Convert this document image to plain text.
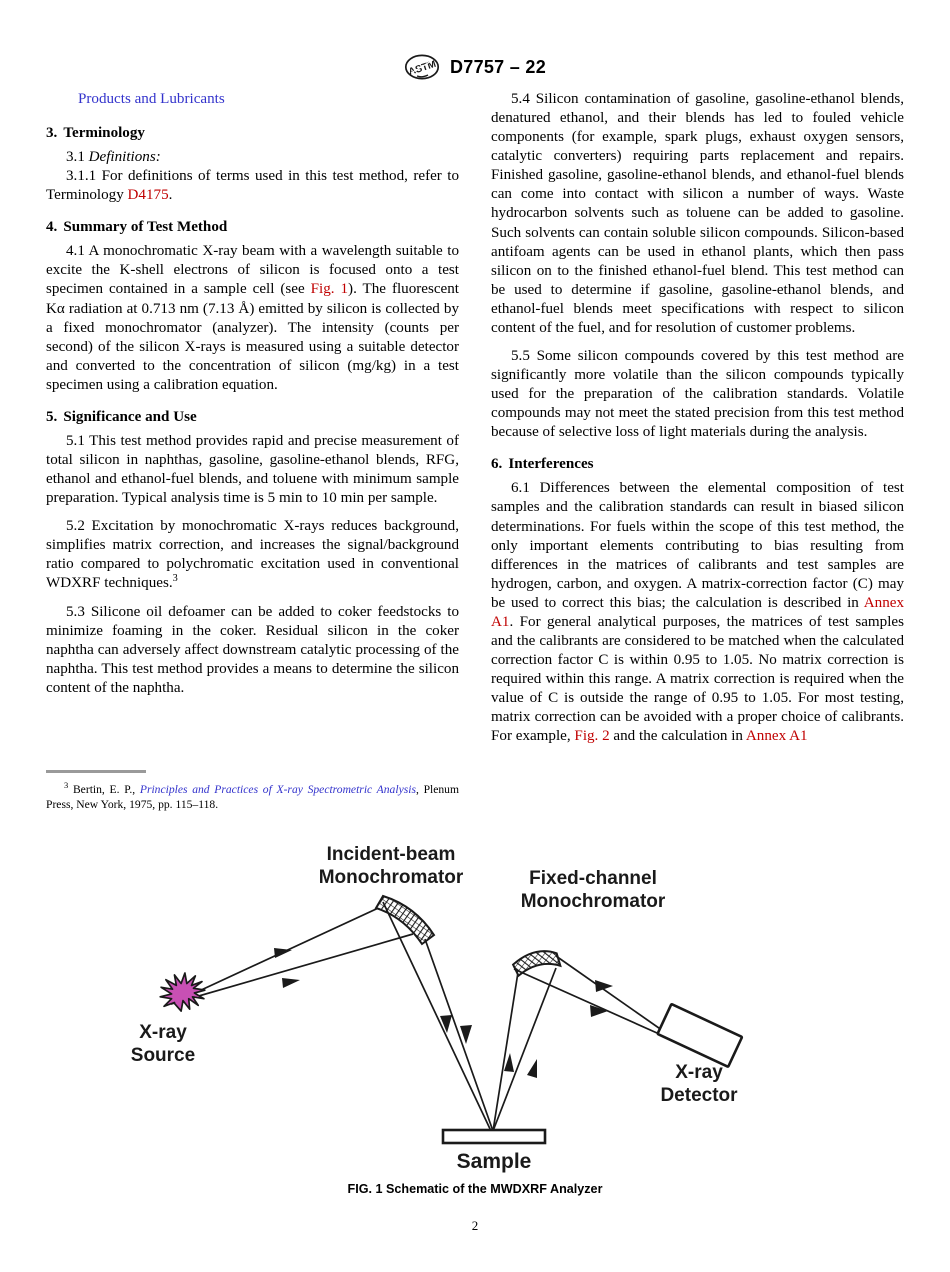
ASTM D7757 – 22
Products and Lubricants
3. Terminology

3.1 Definitions:

3.1.1 For definitions of terms used in this test method, refer to Terminology D4175.

4. Summary of Test Method

4.1 A monochromatic X-ray beam with a wavelength suitable to excite the K-shell electrons of silicon is focused onto a test specimen contained in a sample cell (see Fig. 1). The fluorescent Kα radiation at 0.713 nm (7.13 Å) emitted by silicon is collected by a fixed monochromator (analyzer). The intensity (counts per second) of the silicon X-rays is measured using a suitable detector and converted to the concentration of silicon (mg/kg) in a test specimen using a calibration equation.

5. Significance and Use

5.1 This test method provides rapid and precise measurement of total silicon in naphthas, gasoline, gasoline-ethanol blends, RFG, ethanol and ethanol-fuel blends, and toluene with minimum sample preparation. Typical analysis time is 5 min to 10 min per sample.

5.2 Excitation by monochromatic X-rays reduces background, simplifies matrix correction, and increases the signal/background ratio compared to polychromatic excitation used in conventional WDXRF techniques.$^3$

5.3 Silicone oil defoamer can be added to coker feedstocks to minimize foaming in the coker. Residual silicon in the coker naphtha can adversely affect downstream catalytic processing of the naphtha. This test method provides a means to determine the silicon content of the naphtha.

5.4 Silicon contamination of gasoline, gasoline-ethanol blends, denatured ethanol, and their blends has led to fouled vehicle components (for example, spark plugs, exhaust oxygen sensors, catalytic converters) requiring parts replacement and repairs. Finished gasoline, gasoline-ethanol blends, and ethanol-fuel blends can come into contact with silicon a number of ways. Waste hydrocarbon solvents such as toluene can be added to gasoline. Such solvents can contain soluble silicon compounds. Silicon-based antifoam agents can be used in ethanol plants, which then pass silicon on to the finished ethanol-fuel blend. This test method can be used to determine if gasoline, gasoline-ethanol blends, and ethanol-fuel blends meet specifications with respect to silicon content of the fuel, and for resolution of customer problems.

5.5 Some silicon compounds covered by this test method are significantly more volatile than the silicon compounds typically used for the preparation of the calibration standards. Volatile compounds may not meet the stated precision from this test method because of selective loss of light materials during the analysis.

6. Interferences

6.1 Differences between the elemental composition of test samples and the calibration standards can result in biased silicon determinations. For fuels within the scope of this test method, the only important elements contributing to bias resulting from differences in the matrices of calibrants and test samples are hydrogen, carbon, and oxygen. A matrix-correction factor (C) may be used to correct this bias; the calculation is described in Annex A1. For general analytical purposes, the matrices of test samples and the calibrants are considered to be matched when the calculated correction factor C is within 0.95 to 1.05. No matrix correction is required within this range. A matrix correction is required when the value of C is outside the range of 0.95 to 1.05. For most testing, matrix correction can be avoided with a proper choice of calibrants. For example, Fig. 2 and the calculation in Annex A1

$^3$ Bertin, E. P., Principles and Practices of X-ray Spectrometric Analysis, Plenum Press, New York, 1975, pp. 115–118.

Incident-beam
Monochromator	Fixed-channel
Monochromator
X-ray
Source
X-ray
Detector
Sample
FIG. 1 Schematic of the MWDXRF Analyzer
2
